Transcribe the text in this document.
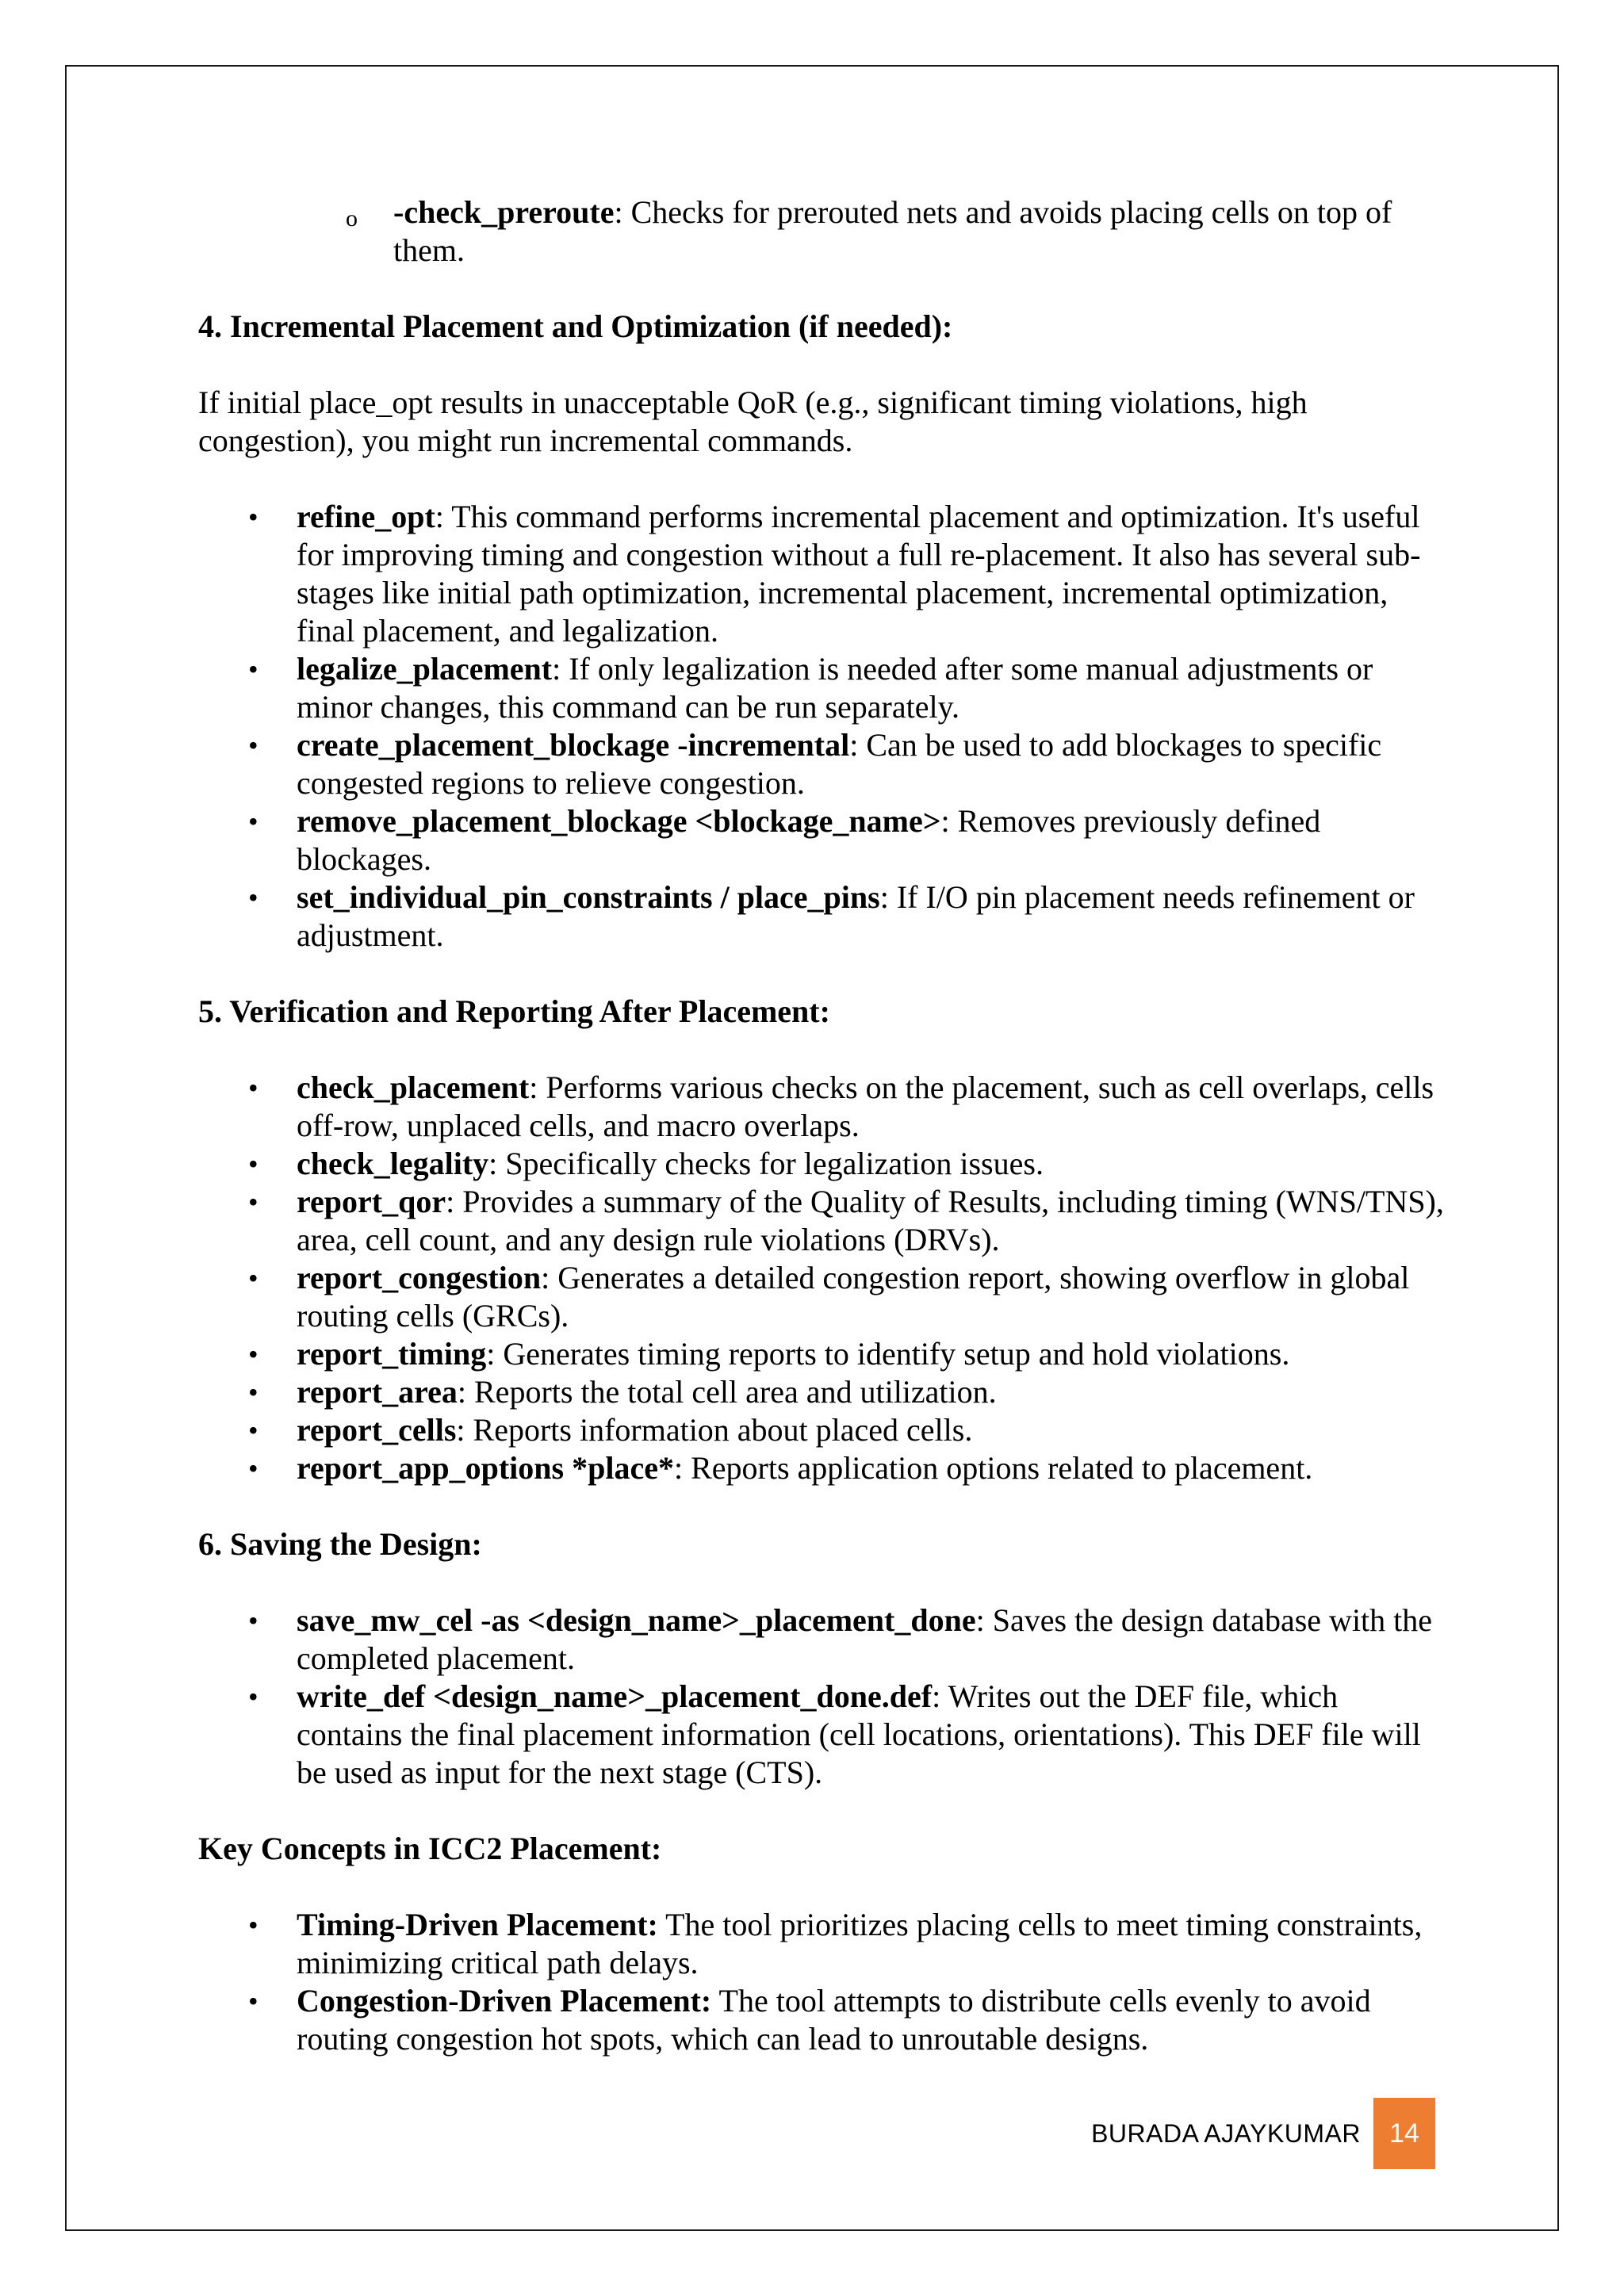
o -check_preroute: Checks for prerouted nets and avoids placing cells on top of them.
4. Incremental Placement and Optimization (if needed):

If initial place_opt results in unacceptable QoR (e.g., significant timing violations, high congestion), you might run incremental commands.

• refine_opt: This command performs incremental placement and optimization. It's useful for improving timing and congestion without a full re-placement. It also has several sub-stages like initial path optimization, incremental placement, incremental optimization, final placement, and legalization.
• legalize_placement: If only legalization is needed after some manual adjustments or minor changes, this command can be run separately.
• create_placement_blockage -incremental: Can be used to add blockages to specific congested regions to relieve congestion.
• remove_placement_blockage <blockage_name>: Removes previously defined blockages.
• set_individual_pin_constraints / place_pins: If I/O pin placement needs refinement or adjustment.
5. Verification and Reporting After Placement:
• check_placement: Performs various checks on the placement, such as cell overlaps, cells off-row, unplaced cells, and macro overlaps.
• check_legality: Specifically checks for legalization issues.
• report_qor: Provides a summary of the Quality of Results, including timing (WNS/TNS), area, cell count, and any design rule violations (DRVs).
• report_congestion: Generates a detailed congestion report, showing overflow in global routing cells (GRCs).
• report_timing: Generates timing reports to identify setup and hold violations.
• report_area: Reports the total cell area and utilization.
• report_cells: Reports information about placed cells.
• report_app_options *place*: Reports application options related to placement.
6. Saving the Design:
• save_mw_cel -as <design_name>_placement_done: Saves the design database with the completed placement.
• write_def <design_name>_placement_done.def: Writes out the DEF file, which contains the final placement information (cell locations, orientations). This DEF file will be used as input for the next stage (CTS).
Key Concepts in ICC2 Placement:
• Timing-Driven Placement: The tool prioritizes placing cells to meet timing constraints, minimizing critical path delays.
• Congestion-Driven Placement: The tool attempts to distribute cells evenly to avoid routing congestion hot spots, which can lead to unroutable designs.
BURADA AJAYKUMAR	14
